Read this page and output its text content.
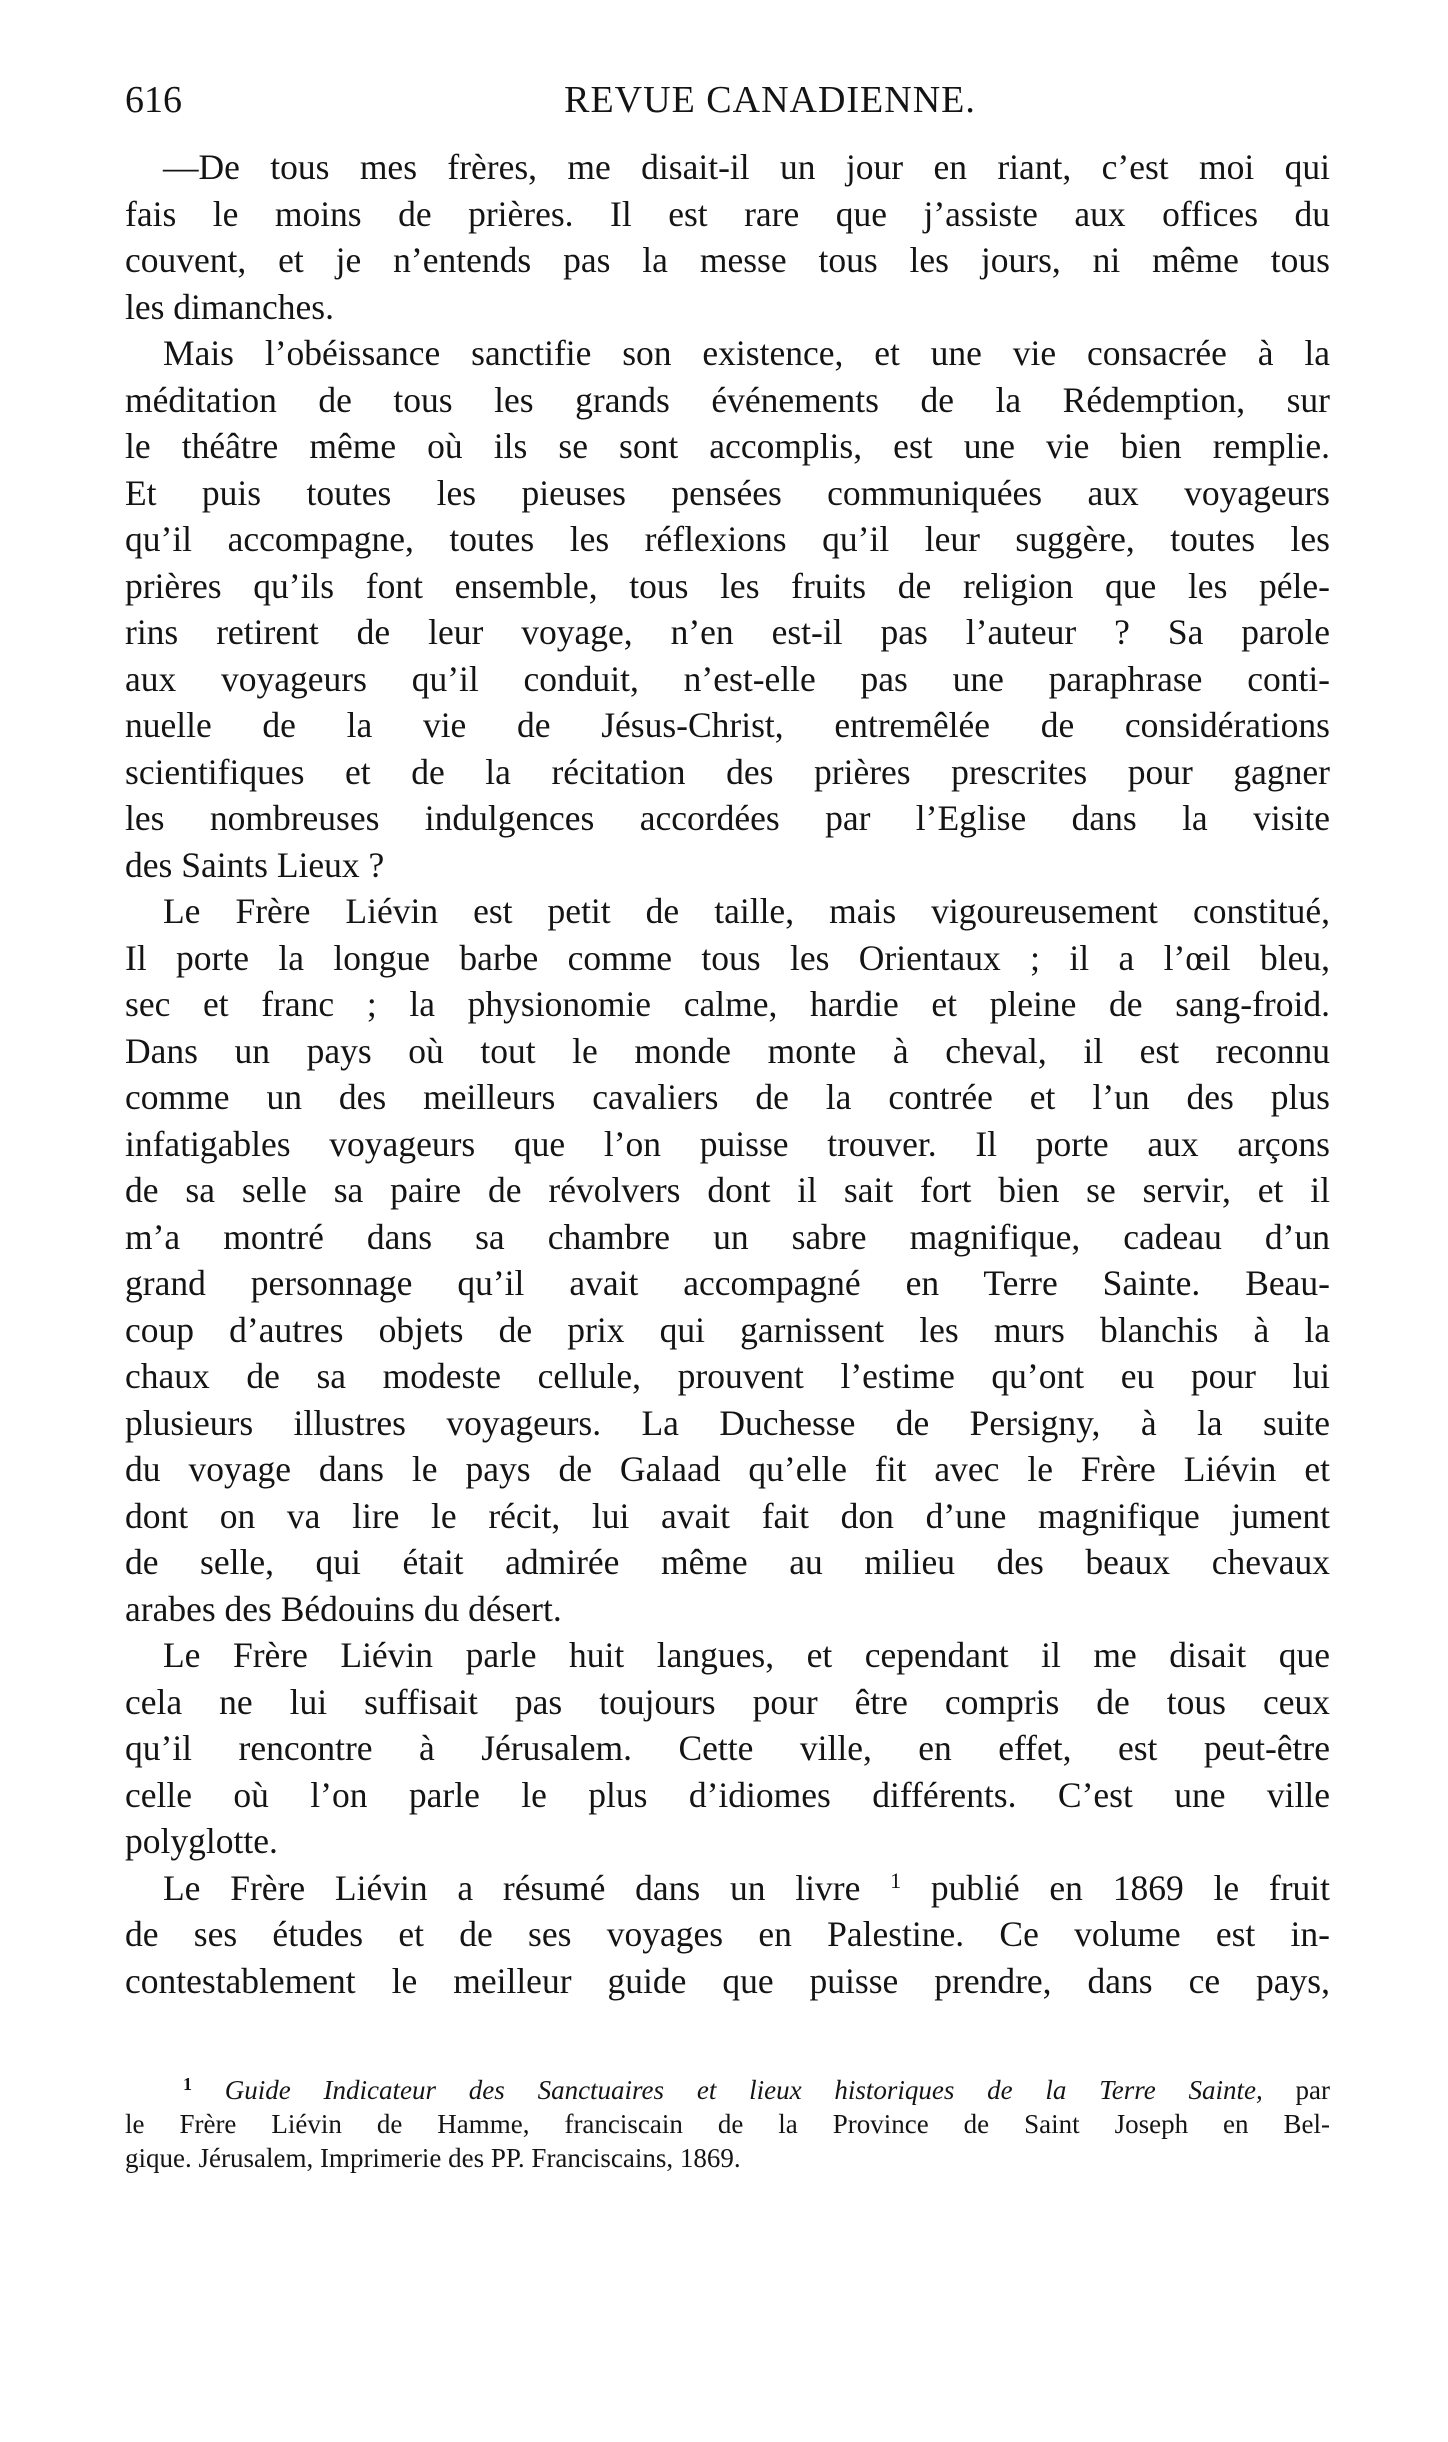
616	REVUE CANADIENNE.

—De tous mes frères, me disait-il un jour en riant, c’est moi qui
fais le moins de prières. Il est rare que j’assiste aux offices du
couvent, et je n’entends pas la messe tous les jours, ni même tous
les dimanches.

Mais l’obéissance sanctifie son existence, et une vie consacrée à la
méditation de tous les grands événements de la Rédemption, sur
le théâtre même où ils se sont accomplis, est une vie bien remplie.
Et puis toutes les pieuses pensées communiquées aux voyageurs
qu’il accompagne, toutes les réflexions qu’il leur suggère, toutes les
prières qu’ils font ensemble, tous les fruits de religion que les péle-
rins retirent de leur voyage, n’en est-il pas l’auteur ? Sa parole
aux voyageurs qu’il conduit, n’est-elle pas une paraphrase conti-
nuelle de la vie de Jésus-Christ, entremêlée de considérations
scientifiques et de la récitation des prières prescrites pour gagner
les nombreuses indulgences accordées par l’Eglise dans la visite
des Saints Lieux ?

Le Frère Liévin est petit de taille, mais vigoureusement constitué,
Il porte la longue barbe comme tous les Orientaux ; il a l’œil bleu,
sec et franc ; la physionomie calme, hardie et pleine de sang-froid.
Dans un pays où tout le monde monte à cheval, il est reconnu
comme un des meilleurs cavaliers de la contrée et l’un des plus
infatigables voyageurs que l’on puisse trouver. Il porte aux arçons
de sa selle sa paire de révolvers dont il sait fort bien se servir, et il
m’a montré dans sa chambre un sabre magnifique, cadeau d’un
grand personnage qu’il avait accompagné en Terre Sainte. Beau-
coup d’autres objets de prix qui garnissent les murs blanchis à la
chaux de sa modeste cellule, prouvent l’estime qu’ont eu pour lui
plusieurs illustres voyageurs. La Duchesse de Persigny, à la suite
du voyage dans le pays de Galaad qu’elle fit avec le Frère Liévin et
dont on va lire le récit, lui avait fait don d’une magnifique jument
de selle, qui était admirée même au milieu des beaux chevaux
arabes des Bédouins du désert.

Le Frère Liévin parle huit langues, et cependant il me disait que
cela ne lui suffisait pas toujours pour être compris de tous ceux
qu’il rencontre à Jérusalem. Cette ville, en effet, est peut-être
celle où l’on parle le plus d’idiomes différents. C’est une ville
polyglotte.

Le Frère Liévin a résumé dans un livre $^1$ publié en 1869 le fruit
de ses études et de ses voyages en Palestine. Ce volume est in-
contestablement le meilleur guide que puisse prendre, dans ce pays,

$^1$ Guide Indicateur des Sanctuaires et lieux historiques de la Terre Sainte, par
le Frère Liévin de Hamme, franciscain de la Province de Saint Joseph en Bel-
gique. Jérusalem, Imprimerie des PP. Franciscains, 1869.
